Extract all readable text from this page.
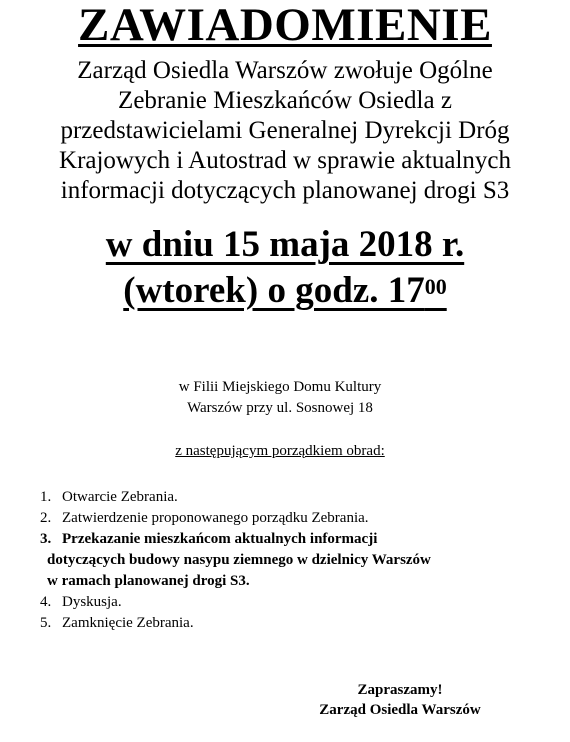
ZAWIADOMIENIE
Zarząd Osiedla Warszów zwołuje Ogólne
Zebranie Mieszkańców Osiedla z
przedstawicielami Generalnej Dyrekcji Dróg
Krajowych i Autostrad w sprawie aktualnych
informacji dotyczących planowanej drogi S3
w dniu 15 maja 2018 r.
(wtorek) o godz. $17^{00}$
w Filii Miejskiego Domu Kultury
Warszów przy ul. Sosnowej 18
z następującym porządkiem obrad:
1. Otwarcie Zebrania.
2. Zatwierdzenie proponowanego porządku Zebrania.
3. Przekazanie mieszkańcom aktualnych informacji
dotyczących budowy nasypu ziemnego w dzielnicy Warszów
w ramach planowanej drogi S3.
4. Dyskusja.
5. Zamknięcie Zebrania.
Zapraszamy!
Zarząd Osiedla Warszów
